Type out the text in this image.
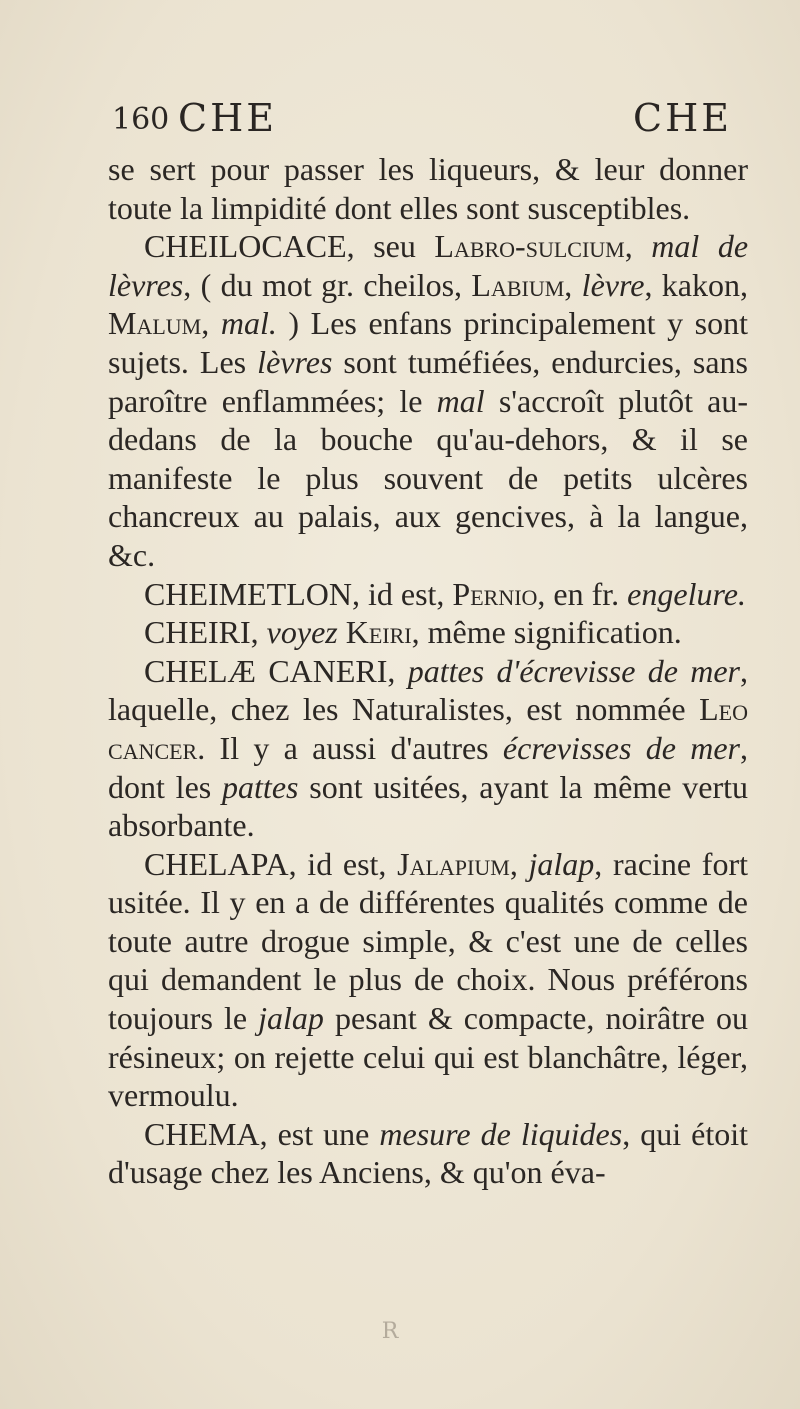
160 CHE	CHE

se sert pour passer les liqueurs, & leur donner toute la limpidité dont elles sont susceptibles.

CHEILOCACE, seu Labro-sulcium, mal de lèvres, ( du mot gr. cheilos, Labium, lèvre, kakon, Malum, mal. ) Les enfans principalement y sont sujets. Les lèvres sont tuméfiées, endurcies, sans paroître enflammées; le mal s'accroît plutôt au-dedans de la bouche qu'au-dehors, & il se manifeste le plus souvent de petits ulcères chancreux au palais, aux gencives, à la langue, &c.

CHEIMETLON, id est, Pernio, en fr. engelure.

CHEIRI, voyez Keiri, même signification.

CHELÆ CANERI, pattes d'écrevisse de mer, laquelle, chez les Naturalistes, est nommée Leo cancer. Il y a aussi d'autres écrevisses de mer, dont les pattes sont usitées, ayant la même vertu absorbante.

CHELAPA, id est, Jalapium, jalap, racine fort usitée. Il y en a de différentes qualités comme de toute autre drogue simple, & c'est une de celles qui demandent le plus de choix. Nous préférons toujours le jalap pesant & compacte, noirâtre ou résineux; on rejette celui qui est blanchâtre, léger, vermoulu.

CHEMA, est une mesure de liquides, qui étoit d'usage chez les Anciens, & qu'on éva-

R
